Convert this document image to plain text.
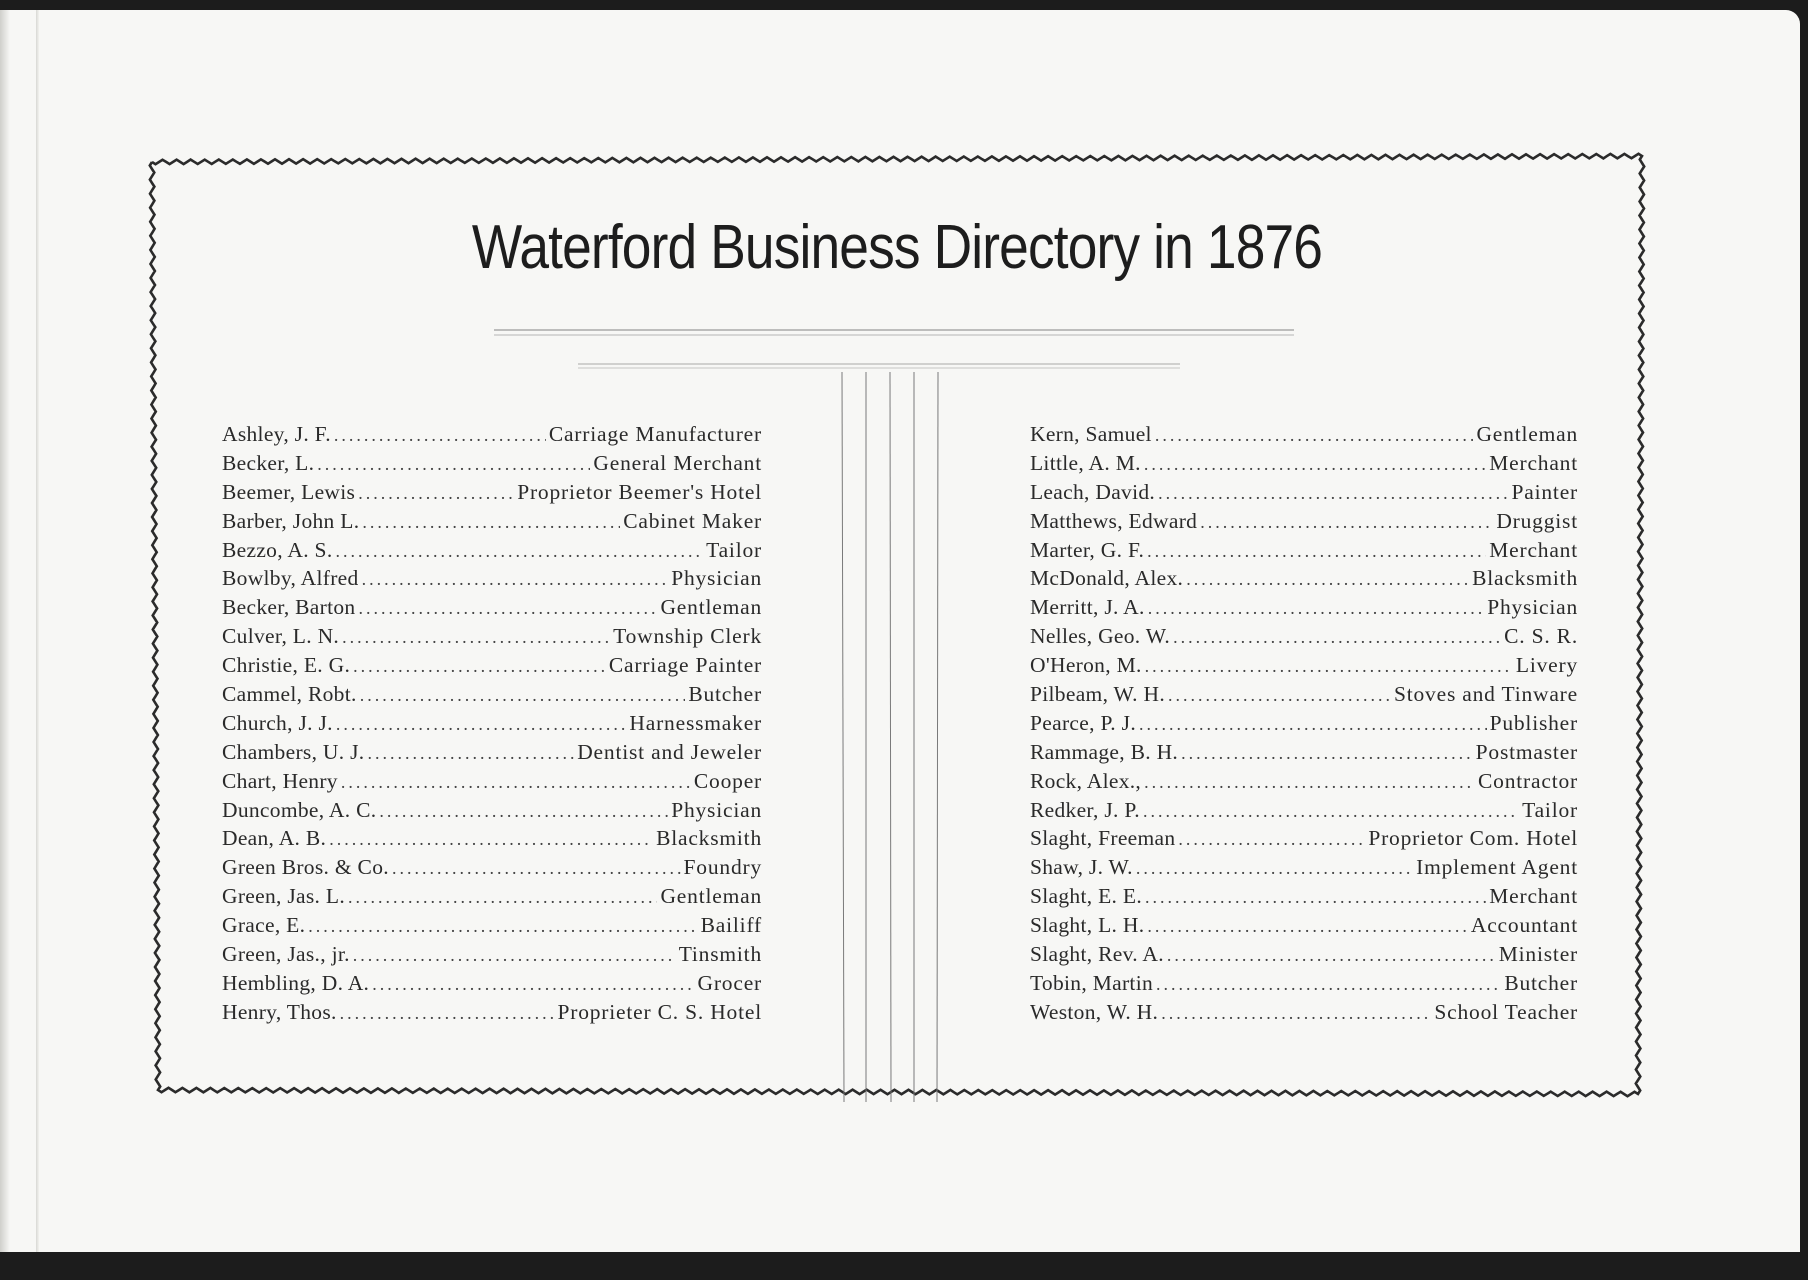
Waterford Business Directory in 1876
Ashley, J. F. .....	Carriage Manufacturer
Becker, L. .....	General Merchant
Beemer, Lewis .....	Proprietor Beemer's Hotel
Barber, John L. .....	Cabinet Maker
Bezzo, A. S. .....	Tailor
Bowlby, Alfred .....	Physician
Becker, Barton .....	Gentleman
Culver, L. N. .....	Township Clerk
Christie, E. G. .....	Carriage Painter
Cammel, Robt. .....	Butcher
Church, J. J. .....	Harnessmaker
Chambers, U. J. .....	Dentist and Jeweler
Chart, Henry .....	Cooper
Duncombe, A. C. .....	Physician
Dean, A. B. .....	Blacksmith
Green Bros. & Co. .....	Foundry
Green, Jas. L. .....	Gentleman
Grace, E. .....	Bailiff
Green, Jas., jr. .....	Tinsmith
Hembling, D. A. .....	Grocer
Henry, Thos. .....	Proprieter C. S. Hotel
Kern, Samuel .....	Gentleman
Little, A. M. .....	Merchant
Leach, David. .....	Painter
Matthews, Edward .....	Druggist
Marter, G. F. .....	Merchant
McDonald, Alex. .....	Blacksmith
Merritt, J. A. .....	Physician
Nelles, Geo. W. .....	C. S. R.
O'Heron, M. .....	Livery
Pilbeam, W. H. .....	Stoves and Tinware
Pearce, P. J. .....	Publisher
Rammage, B. H. .....	Postmaster
Rock, Alex., .....	Contractor
Redker, J. P. .....	Tailor
Slaght, Freeman .....	Proprietor Com. Hotel
Shaw, J. W. .....	Implement Agent
Slaght, E. E. .....	Merchant
Slaght, L. H. .....	Accountant
Slaght, Rev. A. .....	Minister
Tobin, Martin .....	Butcher
Weston, W. H. .....	School Teacher
